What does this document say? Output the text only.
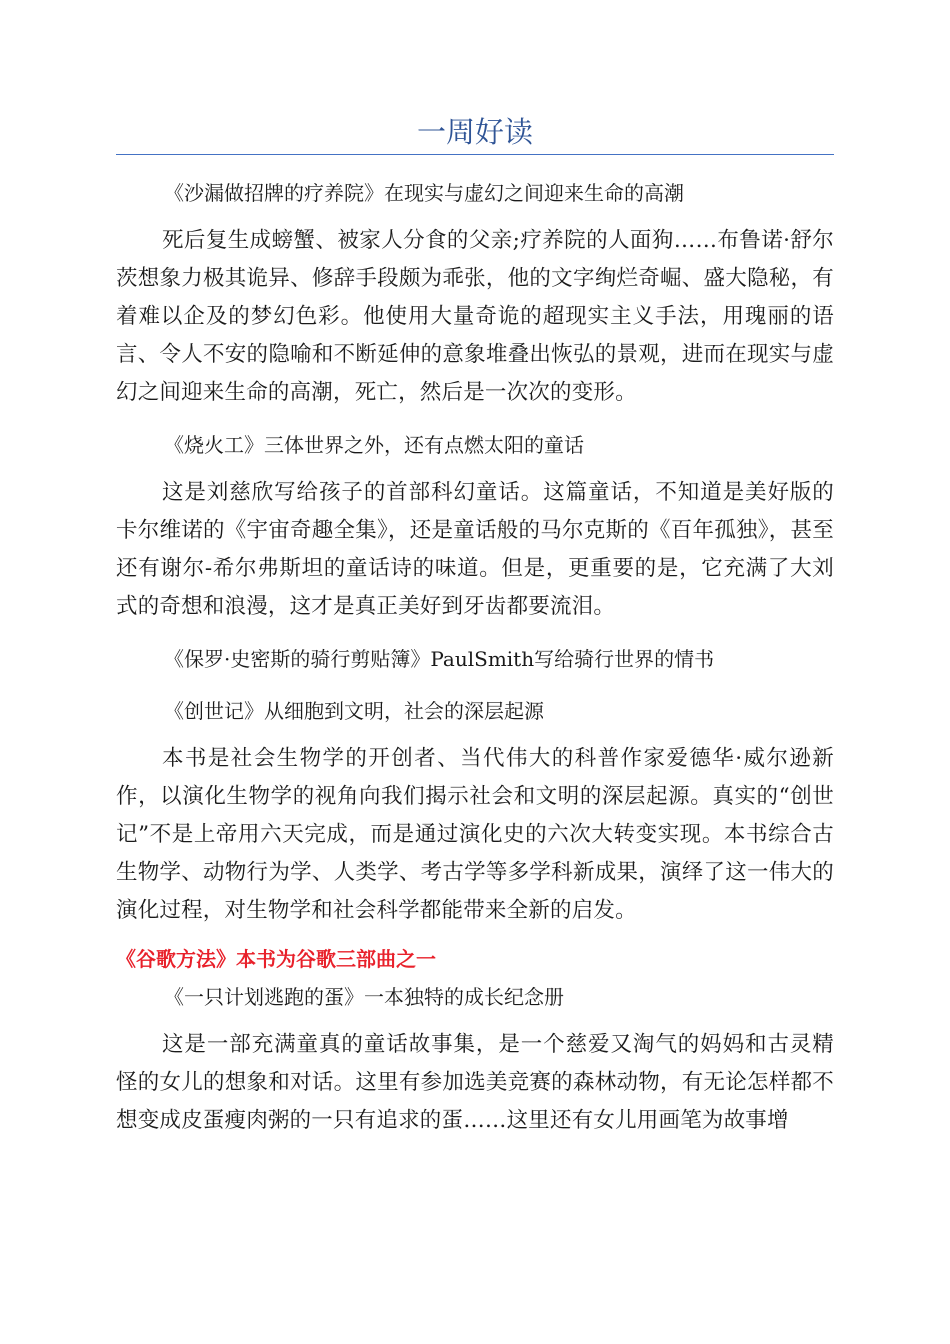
一周好读
《沙漏做招牌的疗养院》在现实与虚幻之间迎来生命的高潮
死后复生成螃蟹、被家人分食的父亲;疗养院的人面狗……布鲁诺·舒尔茨想象力极其诡异、修辞手段颇为乖张，他的文字绚烂奇崛、盛大隐秘，有着难以企及的梦幻色彩。他使用大量奇诡的超现实主义手法，用瑰丽的语言、令人不安的隐喻和不断延伸的意象堆叠出恢弘的景观，进而在现实与虚幻之间迎来生命的高潮，死亡，然后是一次次的变形。
《烧火工》三体世界之外，还有点燃太阳的童话
这是刘慈欣写给孩子的首部科幻童话。这篇童话，不知道是美好版的卡尔维诺的《宇宙奇趣全集》，还是童话般的马尔克斯的《百年孤独》，甚至还有谢尔-希尔弗斯坦的童话诗的味道。但是，更重要的是，它充满了大刘式的奇想和浪漫，这才是真正美好到牙齿都要流泪。
《保罗·史密斯的骑行剪贴簿》PaulSmith写给骑行世界的情书
《创世记》从细胞到文明，社会的深层起源
本书是社会生物学的开创者、当代伟大的科普作家爱德华·威尔逊新作，以演化生物学的视角向我们揭示社会和文明的深层起源。真实的“创世记”不是上帝用六天完成，而是通过演化史的六次大转变实现。本书综合古生物学、动物行为学、人类学、考古学等多学科新成果，演绎了这一伟大的演化过程，对生物学和社会科学都能带来全新的启发。
《谷歌方法》本书为谷歌三部曲之一
《一只计划逃跑的蛋》一本独特的成长纪念册
这是一部充满童真的童话故事集，是一个慈爱又淘气的妈妈和古灵精怪的女儿的想象和对话。这里有参加选美竞赛的森林动物，有无论怎样都不想变成皮蛋瘦肉粥的一只有追求的蛋……这里还有女儿用画笔为故事增
